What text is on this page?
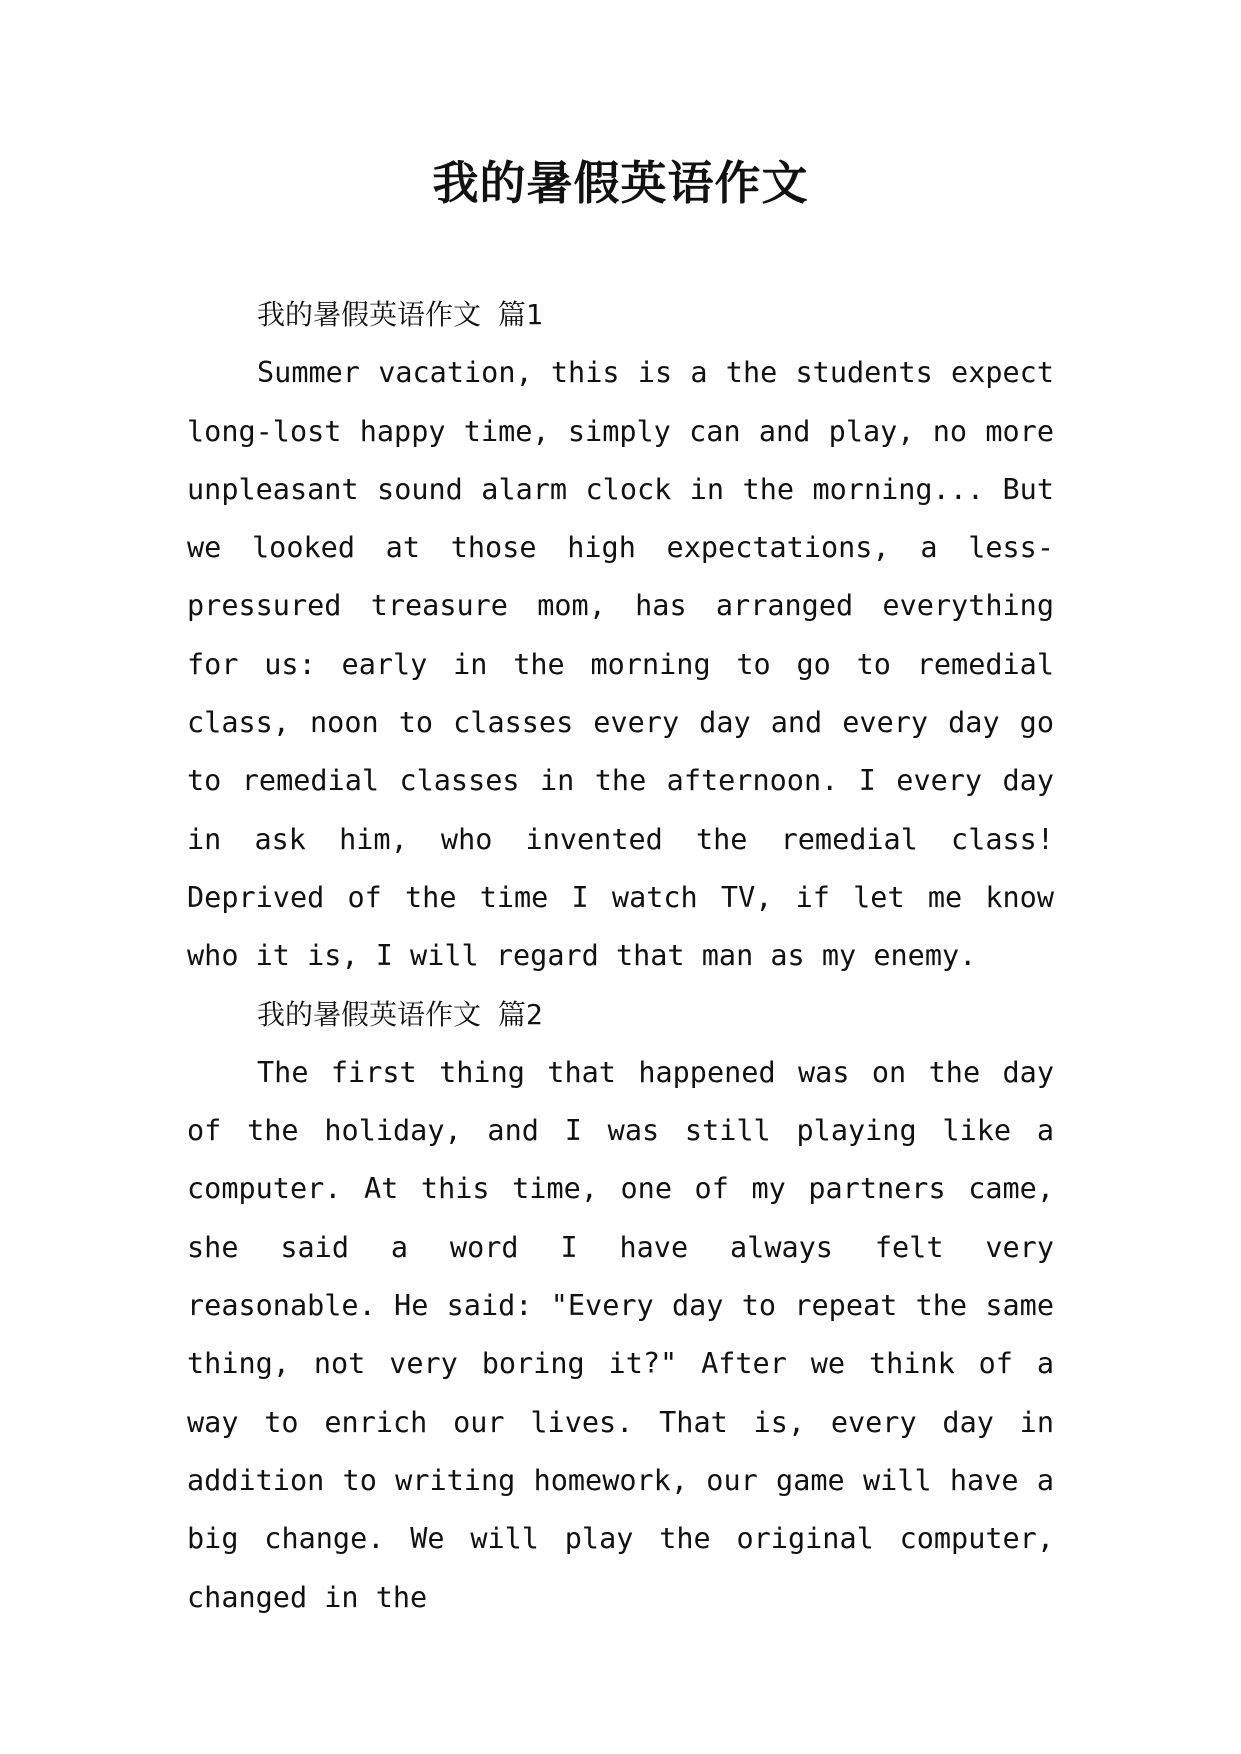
我的暑假英语作文

我的暑假英语作文 篇1

Summer vacation, this is a the students expect long-lost happy time, simply can and play, no more unpleasant sound alarm clock in the morning... But we looked at those high expectations, a less-pressured treasure mom, has arranged everything for us: early in the morning to go to remedial class, noon to classes every day and every day go to remedial classes in the afternoon. I every day in ask him, who invented the remedial class! Deprived of the time I watch TV, if let me know who it is, I will regard that man as my enemy.

我的暑假英语作文 篇2

The first thing that happened was on the day of the holiday, and I was still playing like a computer. At this time, one of my partners came, she said a word I have always felt very reasonable. He said: "Every day to repeat the same thing, not very boring it?" After we think of a way to enrich our lives. That is, every day in addition to writing homework, our game will have a big change. We will play the original computer, changed in the
